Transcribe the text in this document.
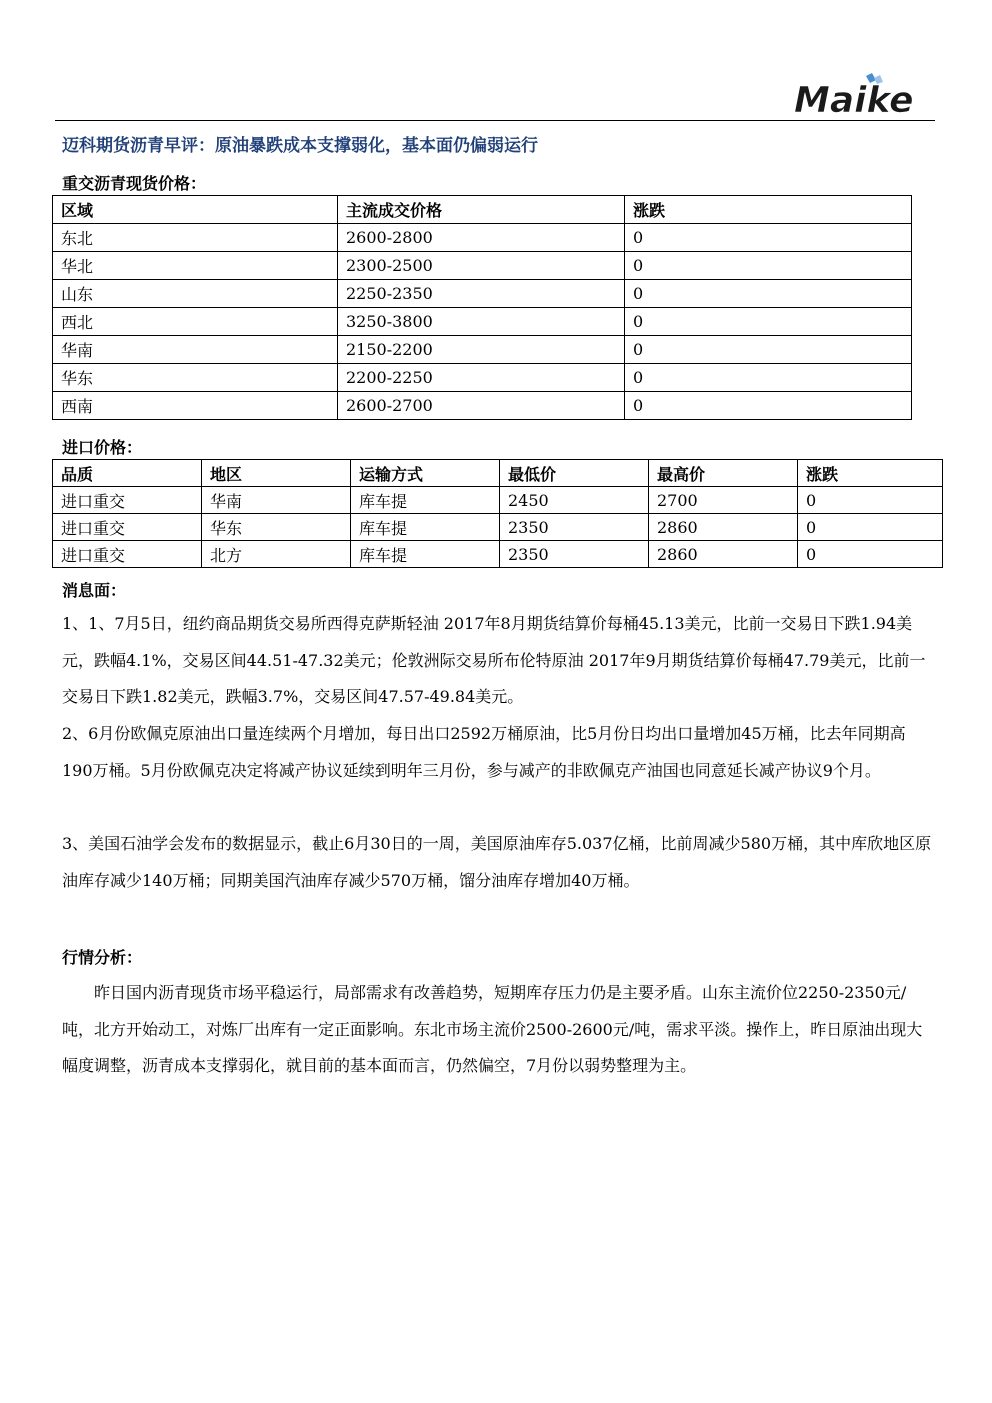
Maike
迈科期货沥青早评：原油暴跌成本支撑弱化，基本面仍偏弱运行
重交沥青现货价格：
区域	主流成交价格	涨跌
东北	2600-2800	0
华北	2300-2500	0
山东	2250-2350	0
西北	3250-3800	0
华南	2150-2200	0
华东	2200-2250	0
西南	2600-2700	0
进口价格：
品质	地区	运输方式	最低价	最高价	涨跌
进口重交	华南	库车提	2450	2700	0
进口重交	华东	库车提	2350	2860	0
进口重交	北方	库车提	2350	2860	0
消息面：

1、1、7月5日，纽约商品期货交易所西得克萨斯轻油 2017年8月期货结算价每桶45.13美元，比前一交易日下跌1.94美元，跌幅4.1%，交易区间44.51-47.32美元；伦敦洲际交易所布伦特原油 2017年9月期货结算价每桶47.79美元，比前一交易日下跌1.82美元，跌幅3.7%，交易区间47.57-49.84美元。

2、6月份欧佩克原油出口量连续两个月增加，每日出口2592万桶原油，比5月份日均出口量增加45万桶，比去年同期高190万桶。5月份欧佩克决定将减产协议延续到明年三月份，参与减产的非欧佩克产油国也同意延长减产协议9个月。

3、美国石油学会发布的数据显示，截止6月30日的一周，美国原油库存5.037亿桶，比前周减少580万桶，其中库欣地区原油库存减少140万桶；同期美国汽油库存减少570万桶，馏分油库存增加40万桶。

行情分析：

昨日国内沥青现货市场平稳运行，局部需求有改善趋势，短期库存压力仍是主要矛盾。山东主流价位2250-2350元/吨，北方开始动工，对炼厂出库有一定正面影响。东北市场主流价2500-2600元/吨，需求平淡。操作上，昨日原油出现大幅度调整，沥青成本支撑弱化，就目前的基本面而言，仍然偏空，7月份以弱势整理为主。
